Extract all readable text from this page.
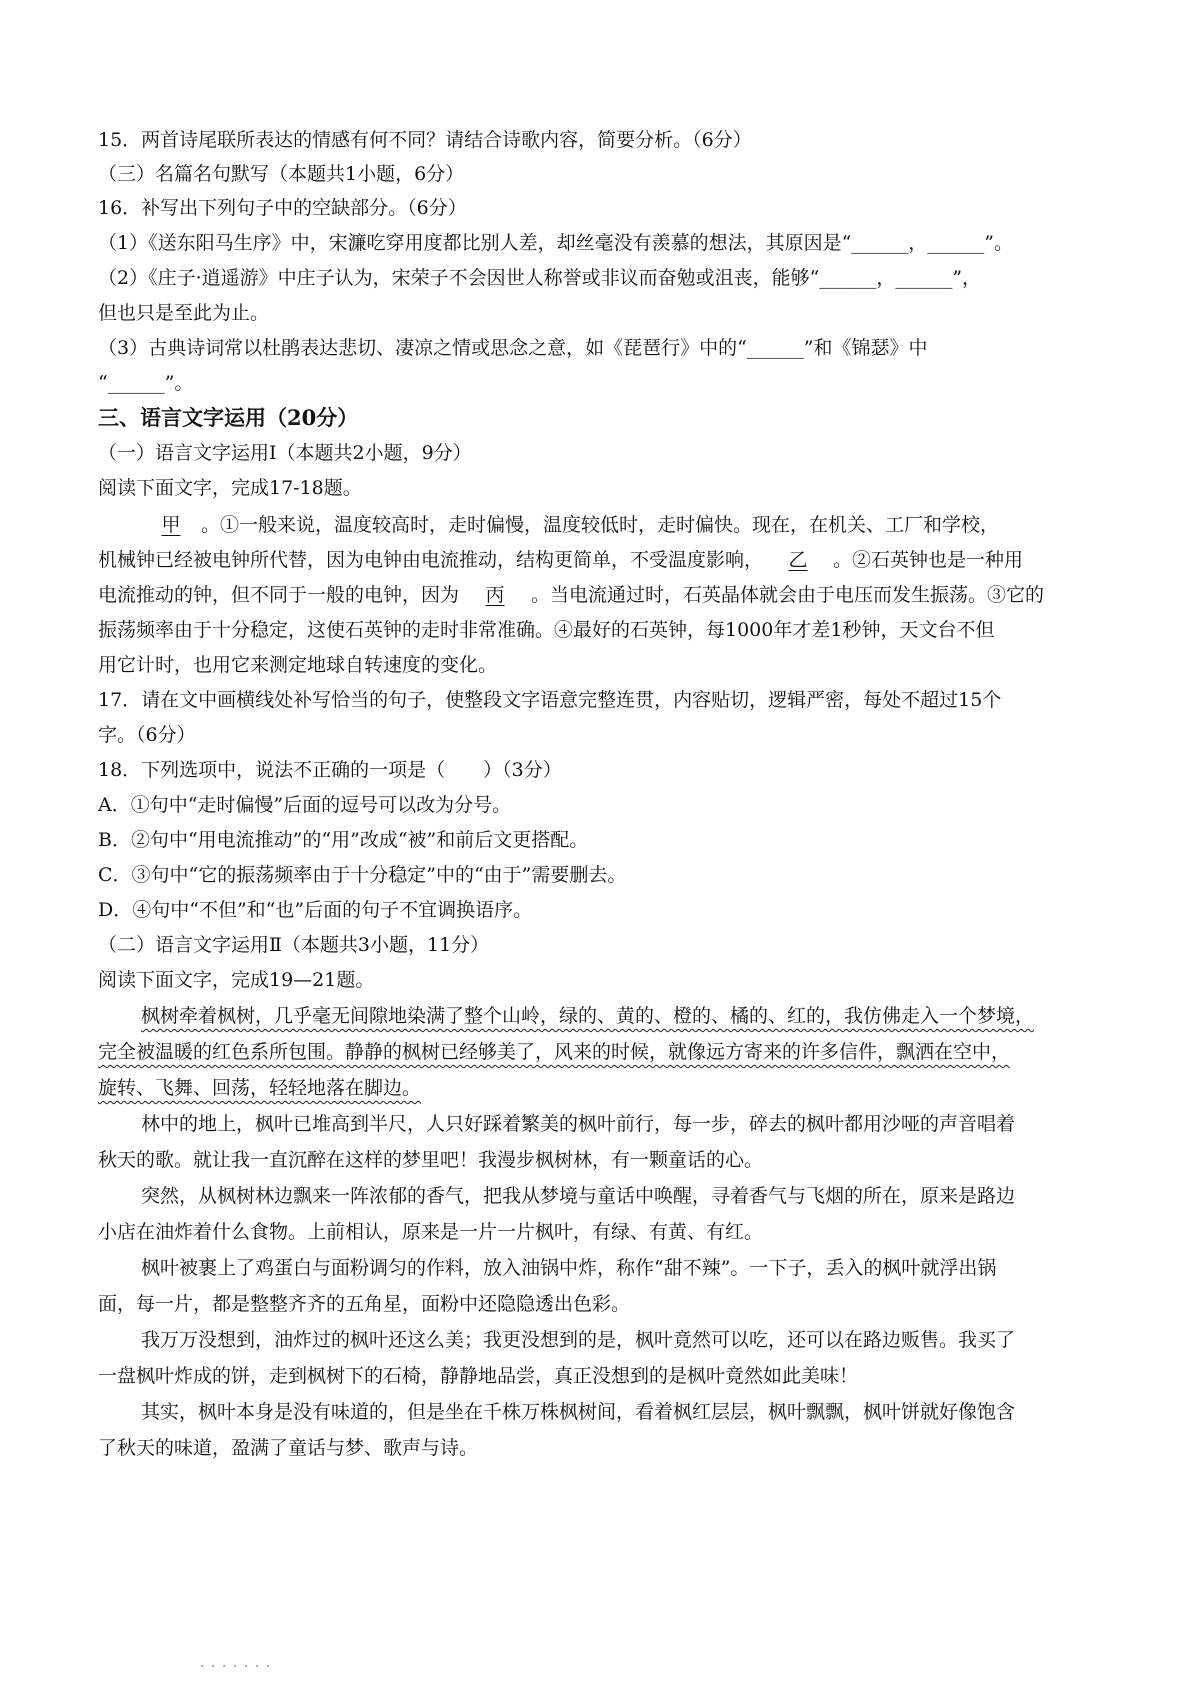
15．两首诗尾联所表达的情感有何不同？请结合诗歌内容，简要分析。（6分）
（三）名篇名句默写（本题共1小题，6分）
16．补写出下列句子中的空缺部分。（6分）
（1）《送东阳马生序》中，宋濂吃穿用度都比别人差，却丝毫没有羡慕的想法，其原因是“______，______”。
（2）《庄子·逍遥游》中庄子认为，宋荣子不会因世人称誉或非议而奋勉或沮丧，能够“______，______”，
但也只是至此为止。
（3）古典诗词常以杜鹃表达悲切、凄凉之情或思念之意，如《琵琶行》中的“______”和《锦瑟》中
“______”。
三、语言文字运用（20分）
（一）语言文字运用Ⅰ（本题共2小题，9分）
阅读下面文字，完成17-18题。
甲 。①一般来说，温度较高时，走时偏慢，温度较低时，走时偏快。现在，在机关、工厂和学校，
机械钟已经被电钟所代替，因为电钟由电流推动，结构更简单，不受温度影响， 乙 。②石英钟也是一种用
电流推动的钟，但不同于一般的电钟，因为 丙 。当电流通过时，石英晶体就会由于电压而发生振荡。③它的
振荡频率由于十分稳定，这使石英钟的走时非常准确。④最好的石英钟，每1000年才差1秒钟，天文台不但
用它计时，也用它来测定地球自转速度的变化。
17．请在文中画横线处补写恰当的句子，使整段文字语意完整连贯，内容贴切，逻辑严密，每处不超过15个
字。（6分）
18．下列选项中，说法不正确的一项是（　　）（3分）
A．①句中“走时偏慢”后面的逗号可以改为分号。
B．②句中“用电流推动”的“用”改成“被”和前后文更搭配。
C．③句中“它的振荡频率由于十分稳定”中的“由于”需要删去。
D．④句中“不但”和“也”后面的句子不宜调换语序。
（二）语言文字运用Ⅱ（本题共3小题，11分）
阅读下面文字，完成19—21题。
枫树牵着枫树，几乎毫无间隙地染满了整个山岭，绿的、黄的、橙的、橘的、红的，我仿佛走入一个梦境，
完全被温暖的红色系所包围。静静的枫树已经够美了，风来的时候，就像远方寄来的许多信件，飘洒在空中，
旋转、飞舞、回荡，轻轻地落在脚边。
林中的地上，枫叶已堆高到半尺，人只好踩着繁美的枫叶前行，每一步，碎去的枫叶都用沙哑的声音唱着
秋天的歌。就让我一直沉醉在这样的梦里吧！我漫步枫树林，有一颗童话的心。
突然，从枫树林边飘来一阵浓郁的香气，把我从梦境与童话中唤醒，寻着香气与飞烟的所在，原来是路边
小店在油炸着什么食物。上前相认，原来是一片一片枫叶，有绿、有黄、有红。
枫叶被裹上了鸡蛋白与面粉调匀的作料，放入油锅中炸，称作“甜不辣”。一下子，丢入的枫叶就浮出锅
面，每一片，都是整整齐齐的五角星，面粉中还隐隐透出色彩。
我万万没想到，油炸过的枫叶还这么美；我更没想到的是，枫叶竟然可以吃，还可以在路边贩售。我买了
一盘枫叶炸成的饼，走到枫树下的石椅，静静地品尝，真正没想到的是枫叶竟然如此美味！
其实，枫叶本身是没有味道的，但是坐在千株万株枫树间，看着枫红层层，枫叶飘飘，枫叶饼就好像饱含
了秋天的味道，盈满了童话与梦、歌声与诗。
．．．．．．．
